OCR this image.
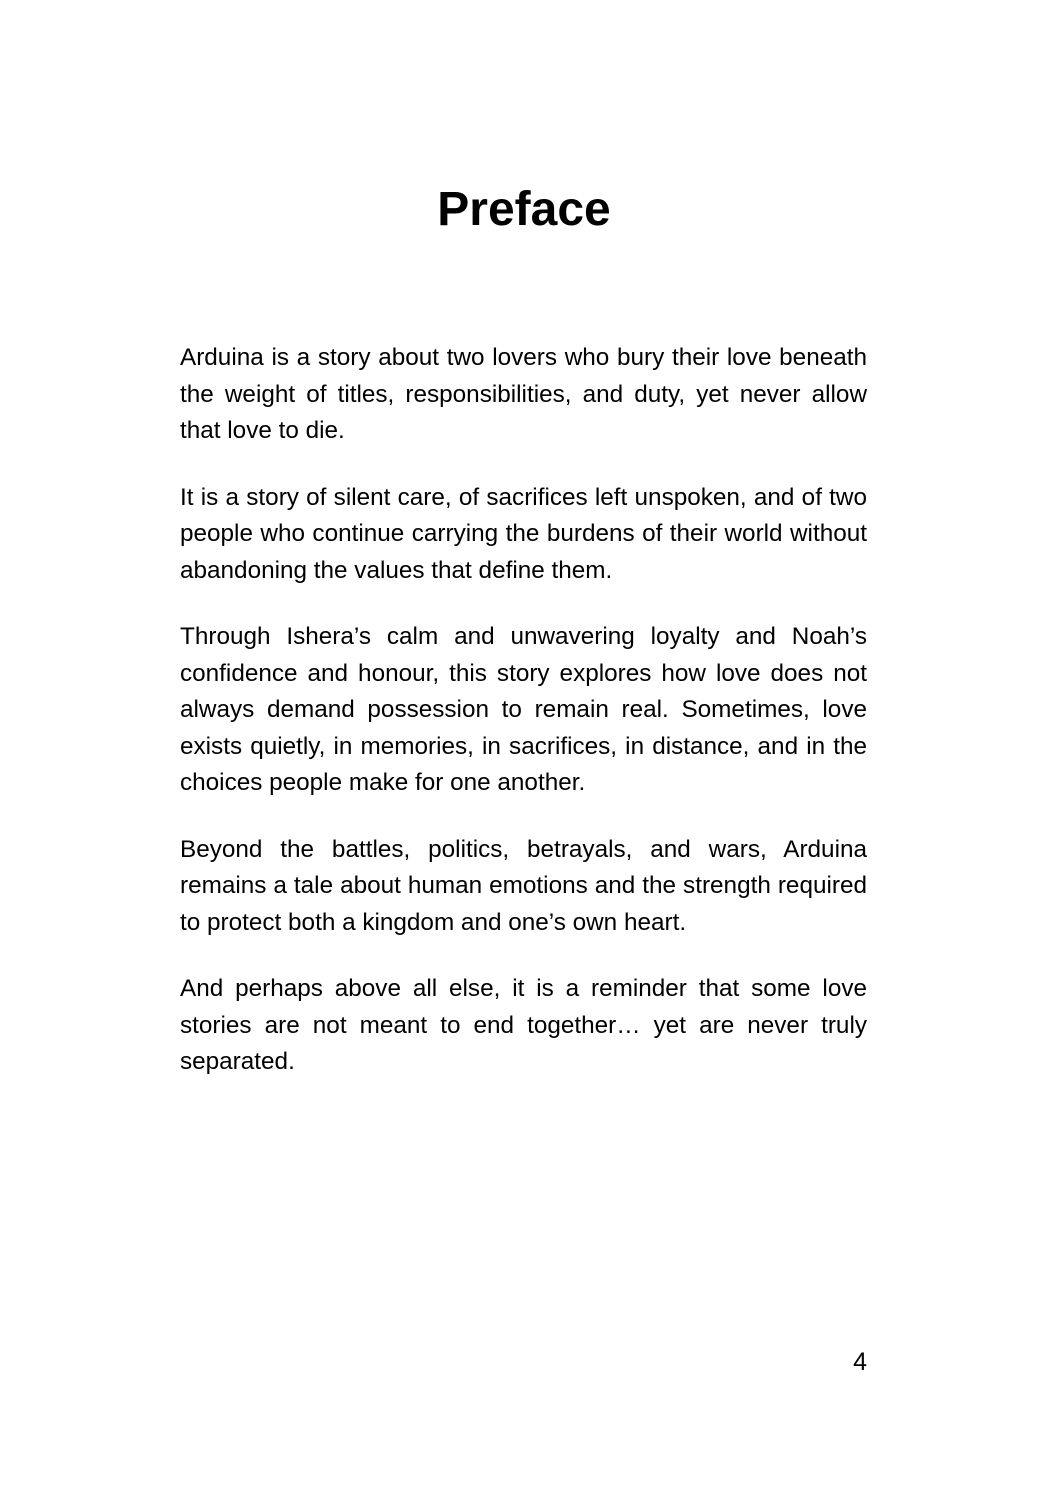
Preface

Arduina is a story about two lovers who bury their love beneath the weight of titles, responsibilities, and duty, yet never allow that love to die.

It is a story of silent care, of sacrifices left unspoken, and of two people who continue carrying the burdens of their world without abandoning the values that define them.

Through Ishera’s calm and unwavering loyalty and Noah’s confidence and honour, this story explores how love does not always demand possession to remain real. Sometimes, love exists quietly, in memories, in sacrifices, in distance, and in the choices people make for one another.

Beyond the battles, politics, betrayals, and wars, Arduina remains a tale about human emotions and the strength required to protect both a kingdom and one’s own heart.

And perhaps above all else, it is a reminder that some love stories are not meant to end together… yet are never truly separated.

4
